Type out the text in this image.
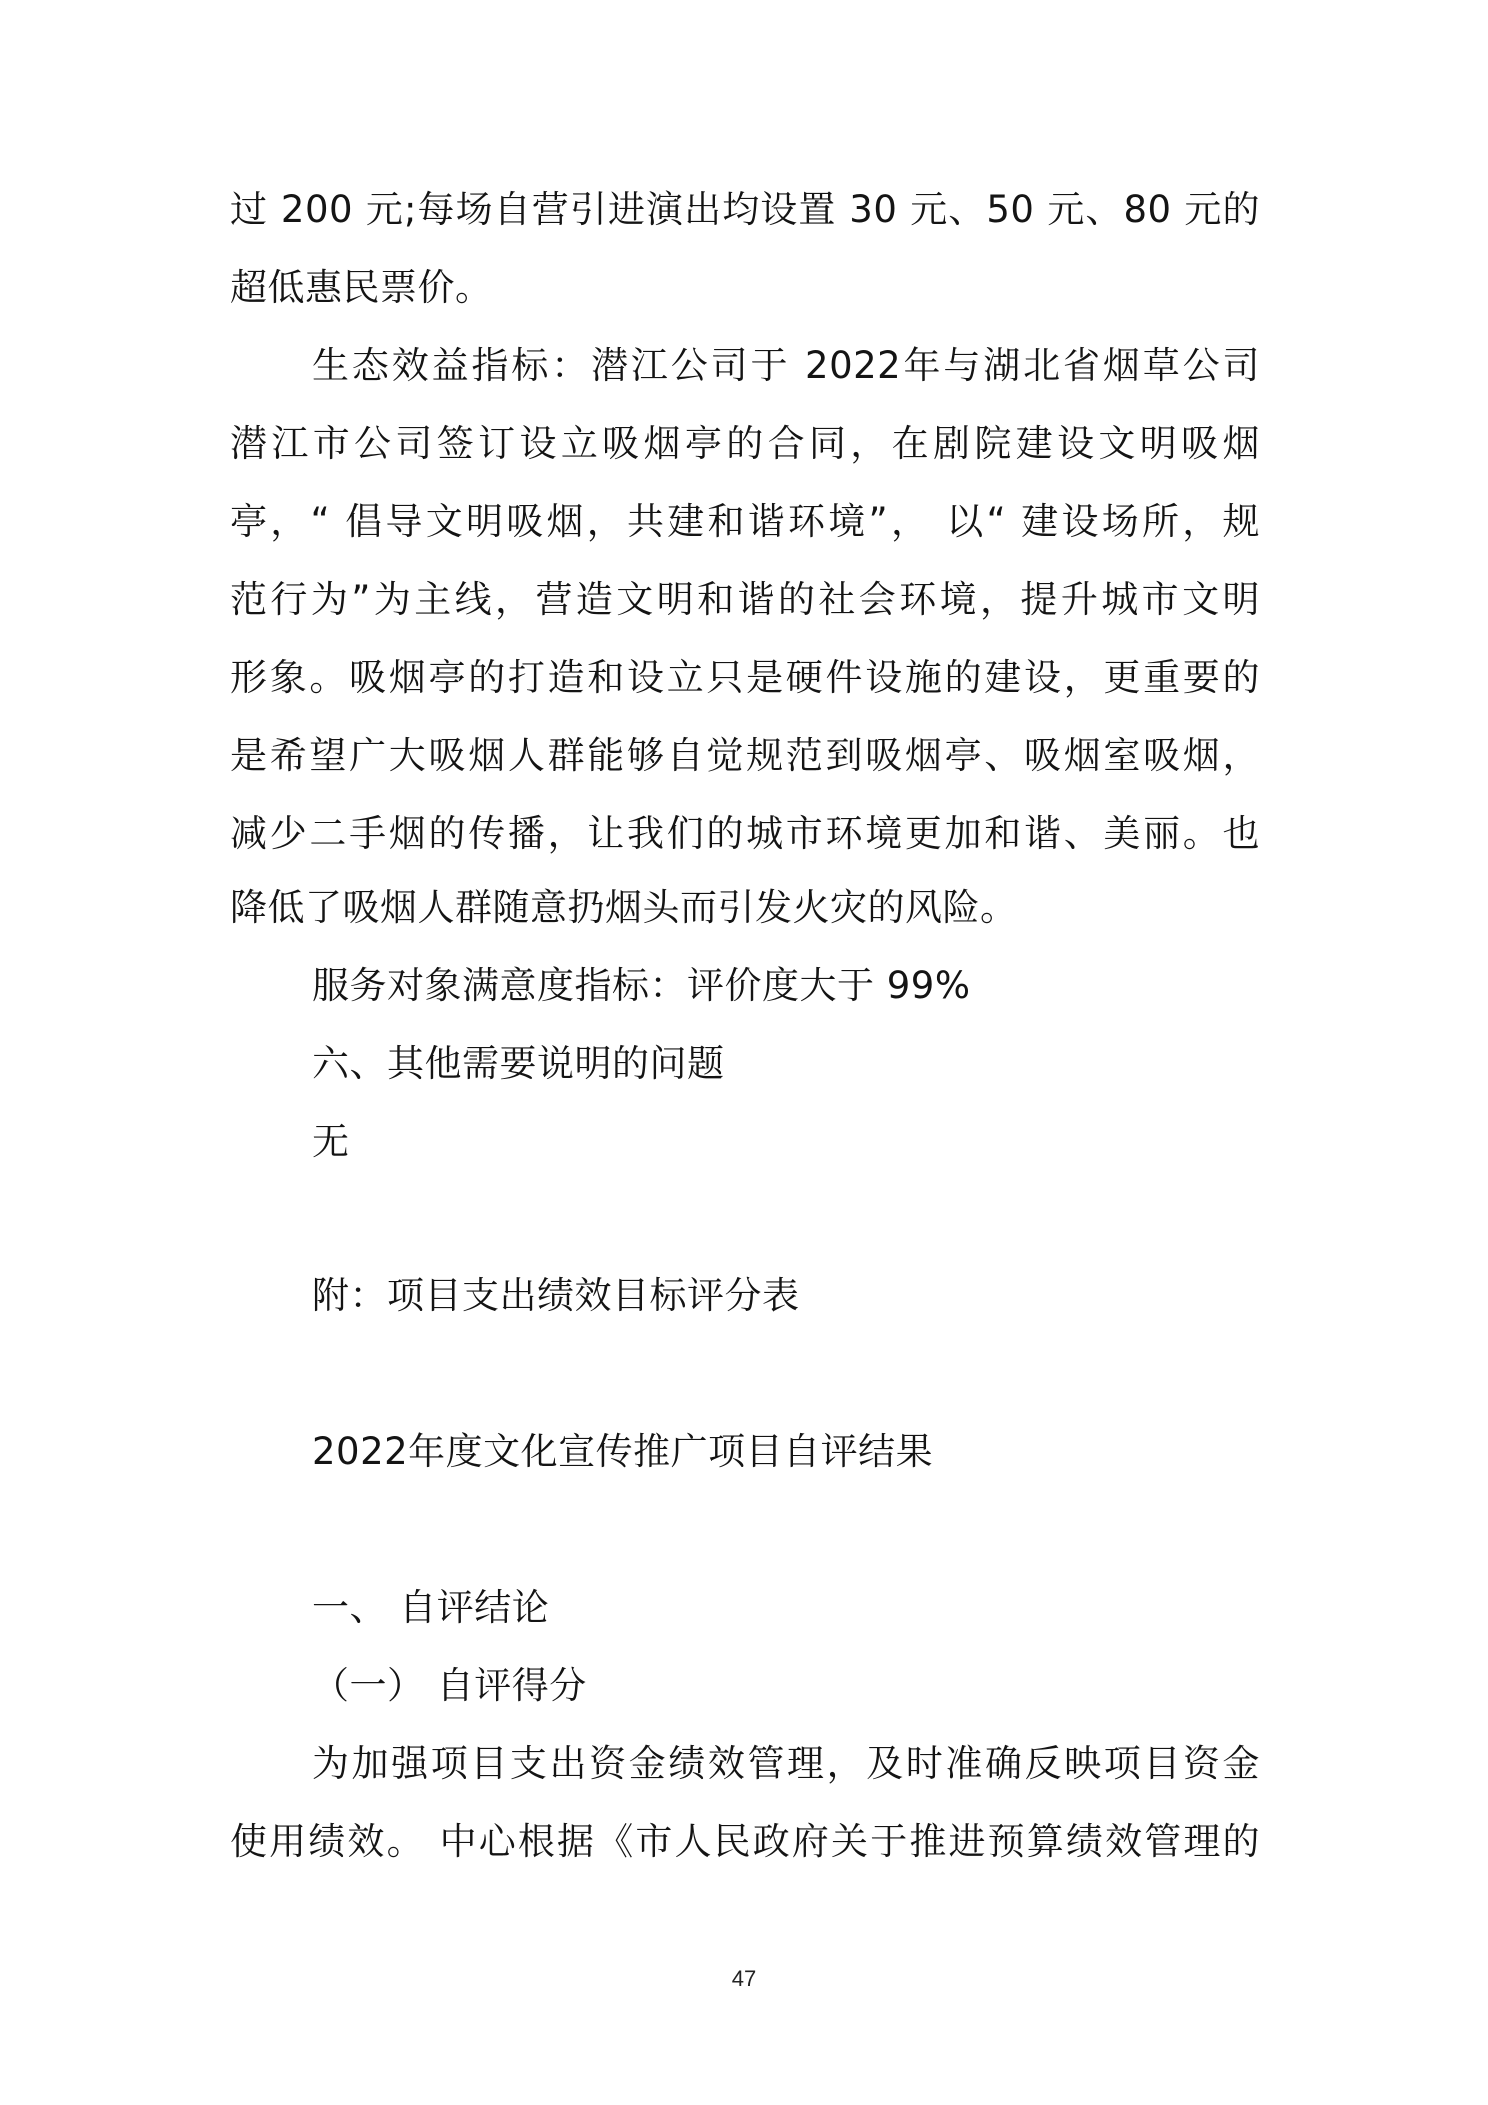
过 200 元;每场自营引进演出均设置 30 元、50 元、80 元的
超低惠民票价。
生态效益指标：潜江公司于 2022年与湖北省烟草公司
潜江市公司签订设立吸烟亭的合同，在剧院建设文明吸烟
亭，“ 倡导文明吸烟，共建和谐环境”， 以“ 建设场所，规
范行为”为主线，营造文明和谐的社会环境，提升城市文明
形象。吸烟亭的打造和设立只是硬件设施的建设，更重要的
是希望广大吸烟人群能够自觉规范到吸烟亭、吸烟室吸烟，
减少二手烟的传播，让我们的城市环境更加和谐、美丽。也
降低了吸烟人群随意扔烟头而引发火灾的风险。
服务对象满意度指标：评价度大于 99%
六、其他需要说明的问题
无
附：项目支出绩效目标评分表
2022年度文化宣传推广项目自评结果
一、 自评结论
（一） 自评得分
为加强项目支出资金绩效管理，及时准确反映项目资金
使用绩效。 中心根据《市人民政府关于推进预算绩效管理的
47
